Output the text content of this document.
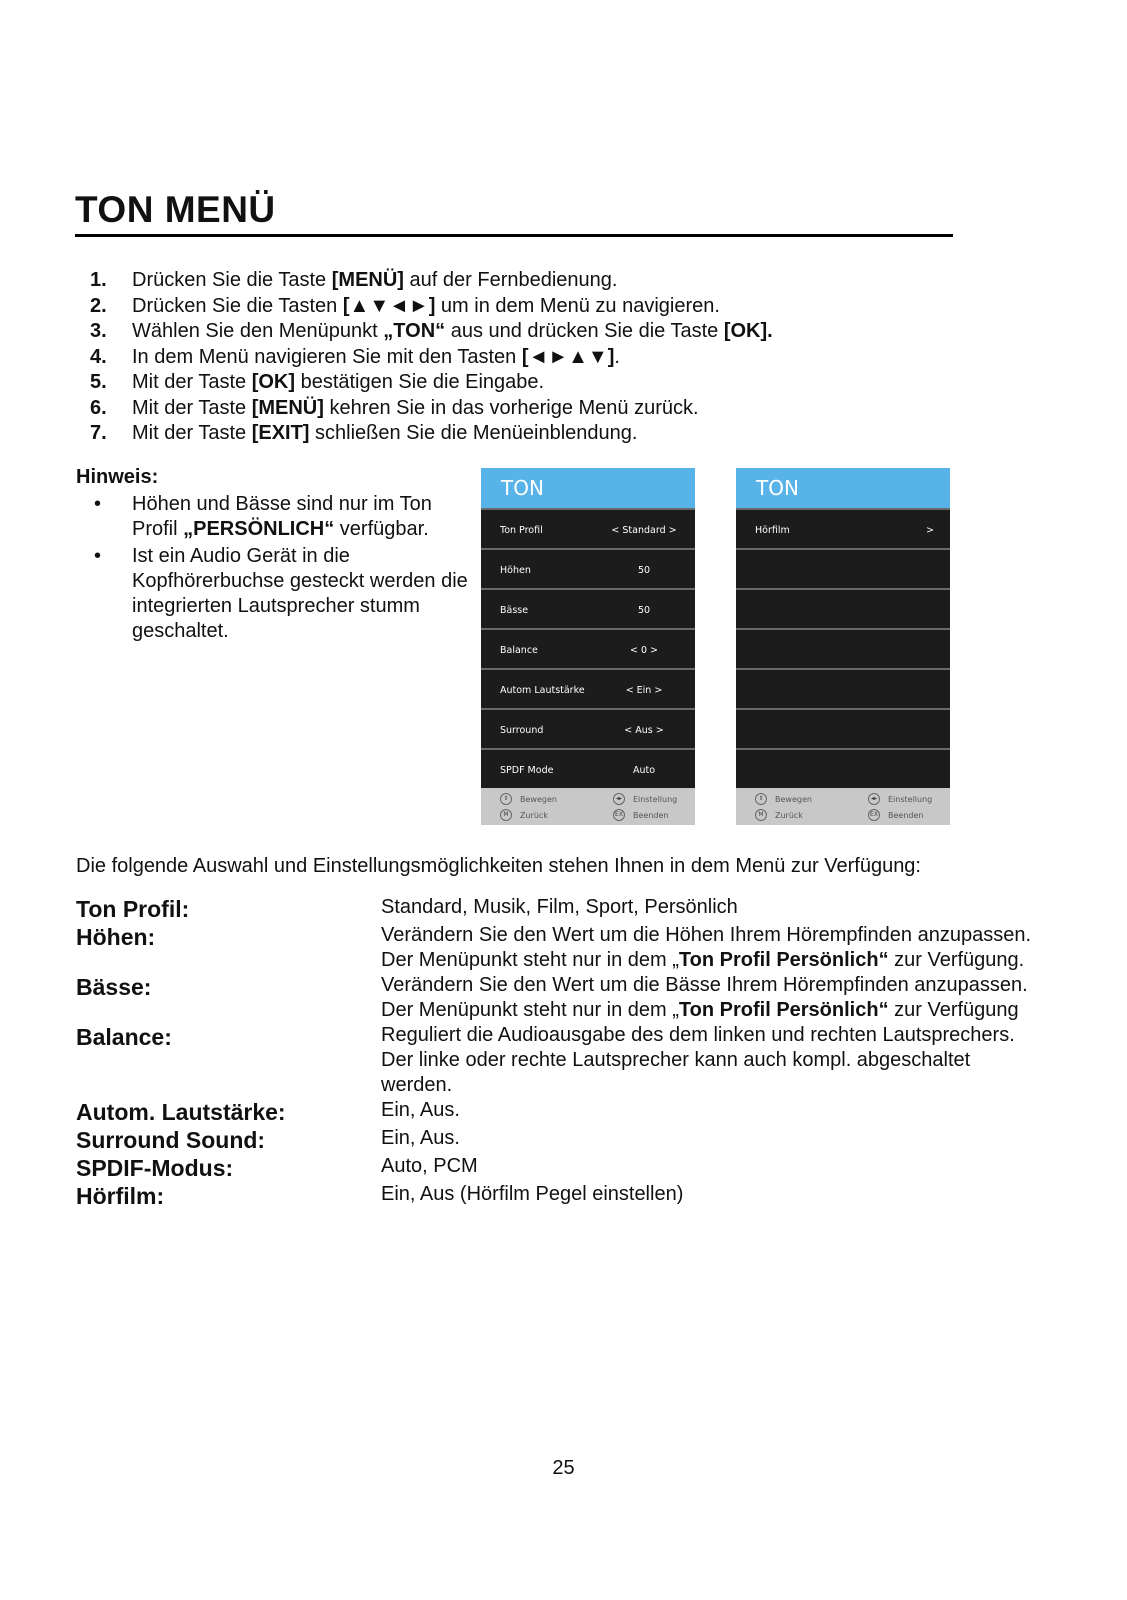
TON MENÜ
1.	Drücken Sie die Taste [MENÜ] auf der Fernbedienung.
2.	Drücken Sie die Tasten [▲▼◄►] um in dem Menü zu navigieren.
3.	Wählen Sie den Menüpunkt „TON“ aus und drücken Sie die Taste [OK].
4.	In dem Menü navigieren Sie mit den Tasten [◄►▲▼].
5.	Mit der Taste [OK] bestätigen Sie die Eingabe.
6.	Mit der Taste [MENÜ] kehren Sie in das vorherige Menü zurück.
7.	Mit der Taste [EXIT] schließen Sie die Menüeinblendung.
Hinweis:
•	Höhen und Bässe sind nur im Ton Profil „PERSÖNLICH“ verfügbar.
•	Ist ein Audio Gerät in die Kopfhörerbuchse gesteckt werden die integrierten Lautsprecher stumm geschaltet.
TON
Ton Profil	< Standard >
Höhen	50
Bässe	50
Balance	< 0 >
Autom Lautstärke	< Ein >
Surround	< Aus >
SPDF Mode	Auto
⇕	Bewegen	◂▸	Einstellung
M	Zurück	EX Beenden
TON
Hörfilm	>
⇕	Bewegen	◂▸	Einstellung
M	Zurück	EX Beenden
Die folgende Auswahl und Einstellungsmöglichkeiten stehen Ihnen in dem Menü zur Verfügung:
Ton Profil:	Standard, Musik, Film, Sport, Persönlich
Höhen:	Verändern Sie den Wert um die Höhen Ihrem Hörempfinden anzupassen. Der Menüpunkt steht nur in dem „Ton Profil Persönlich“ zur Verfügung.
Bässe:	Verändern Sie den Wert um die Bässe Ihrem Hörempfinden anzupassen. Der Menüpunkt steht nur in dem „Ton Profil Persönlich“ zur Verfügung
Balance:	Reguliert die Audioausgabe des dem linken und rechten Lautsprechers.
Der linke oder rechte Lautsprecher kann auch kompl. abgeschaltet werden.
Autom. Lautstärke:	Ein, Aus.
Surround Sound:	Ein, Aus.
SPDIF-Modus:	Auto, PCM
Hörfilm:	Ein, Aus (Hörfilm Pegel einstellen)
25
